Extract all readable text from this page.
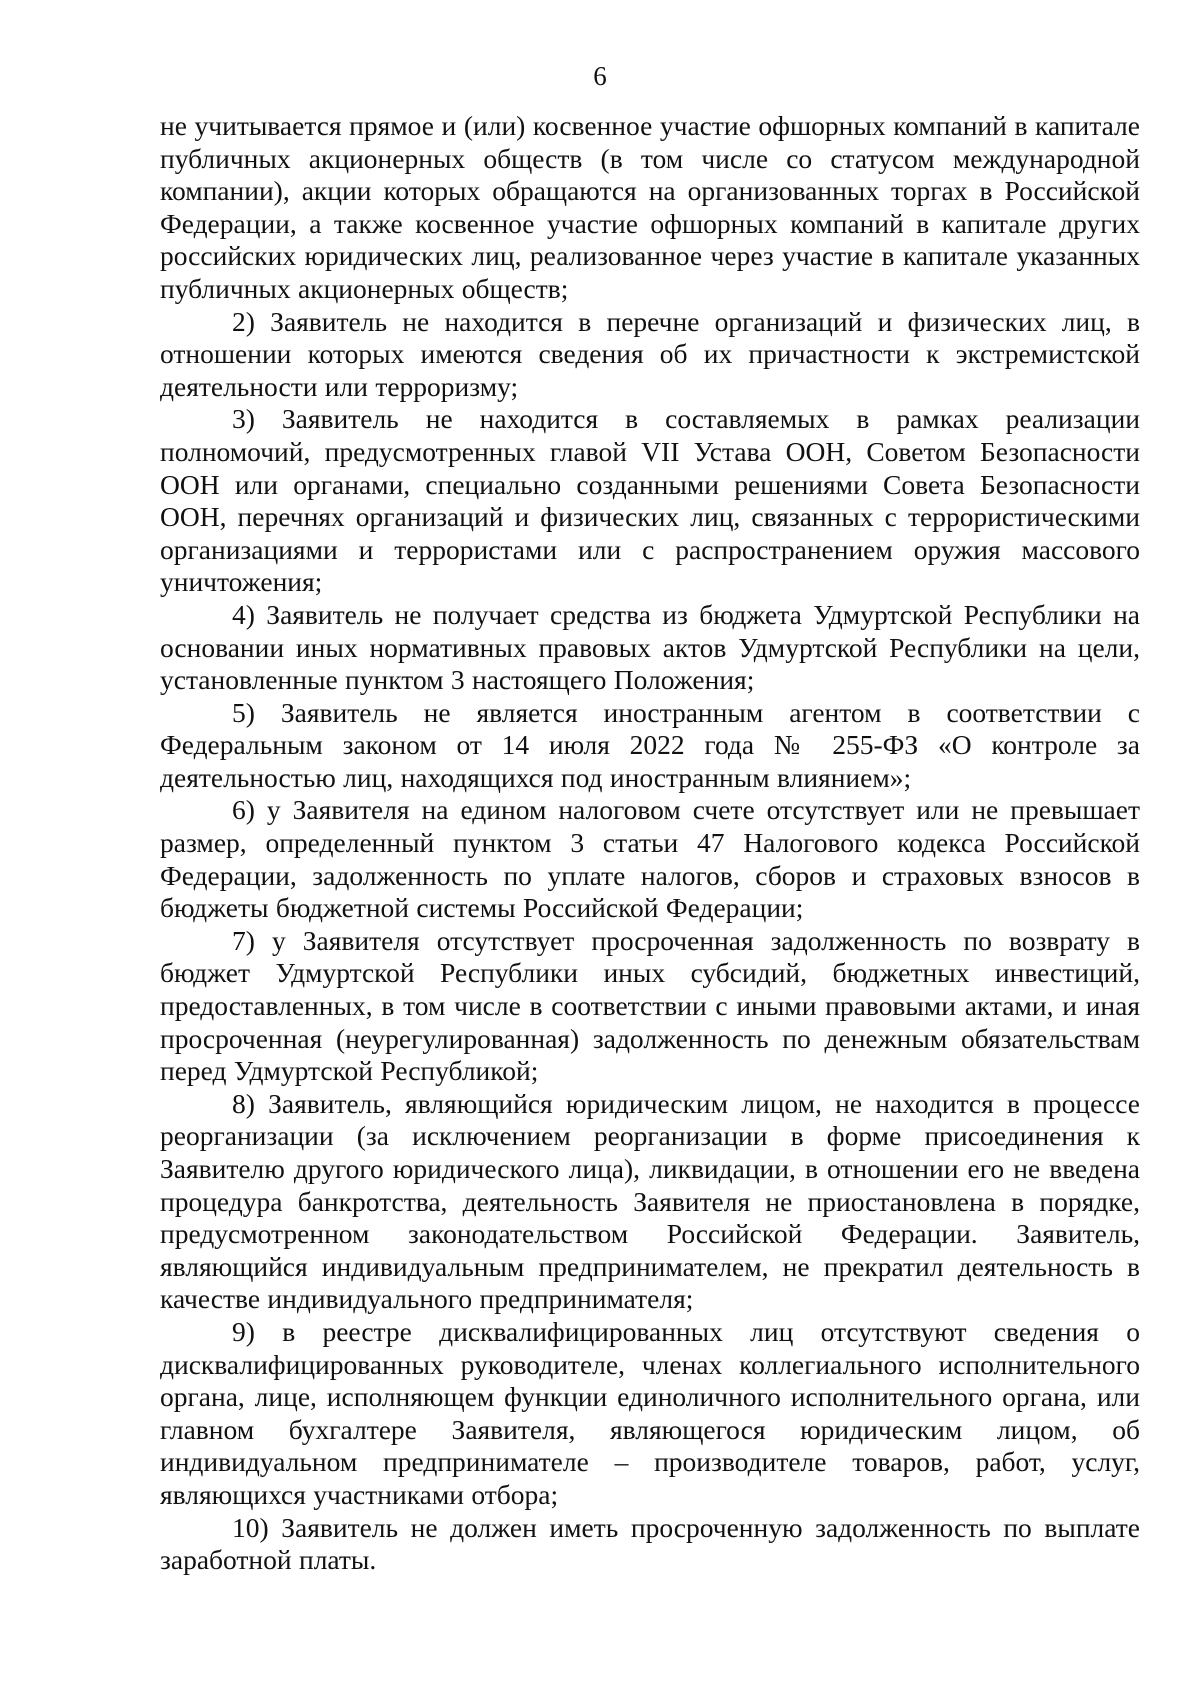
6

не учитывается прямое и (или) косвенное участие офшорных компаний в капитале публичных акционерных обществ (в том числе со статусом международной компании), акции которых обращаются на организованных торгах в Российской Федерации, а также косвенное участие офшорных компаний в капитале других российских юридических лиц, реализованное через участие в капитале указанных публичных акционерных обществ;

2) Заявитель не находится в перечне организаций и физических лиц, в отношении которых имеются сведения об их причастности к экстремистской деятельности или терроризму;

3) Заявитель не находится в составляемых в рамках реализации полномочий, предусмотренных главой VII Устава ООН, Советом Безопасности ООН или органами, специально созданными решениями Совета Безопасности ООН, перечнях организаций и физических лиц, связанных с террористическими организациями и террористами или с распространением оружия массового уничтожения;

4) Заявитель не получает средства из бюджета Удмуртской Республики на основании иных нормативных правовых актов Удмуртской Республики на цели, установленные пунктом 3 настоящего Положения;

5) Заявитель не является иностранным агентом в соответствии с Федеральным законом от 14 июля 2022 года № 255-ФЗ «О контроле за деятельностью лиц, находящихся под иностранным влиянием»;

6) у Заявителя на едином налоговом счете отсутствует или не превышает размер, определенный пунктом 3 статьи 47 Налогового кодекса Российской Федерации, задолженность по уплате налогов, сборов и страховых взносов в бюджеты бюджетной системы Российской Федерации;

7) у Заявителя отсутствует просроченная задолженность по возврату в бюджет Удмуртской Республики иных субсидий, бюджетных инвестиций, предоставленных, в том числе в соответствии с иными правовыми актами, и иная просроченная (неурегулированная) задолженность по денежным обязательствам перед Удмуртской Республикой;

8) Заявитель, являющийся юридическим лицом, не находится в процессе реорганизации (за исключением реорганизации в форме присоединения к Заявителю другого юридического лица), ликвидации, в отношении его не введена процедура банкротства, деятельность Заявителя не приостановлена в порядке, предусмотренном законодательством Российской Федерации. Заявитель, являющийся индивидуальным предпринимателем, не прекратил деятельность в качестве индивидуального предпринимателя;

9) в реестре дисквалифицированных лиц отсутствуют сведения о дисквалифицированных руководителе, членах коллегиального исполнительного органа, лице, исполняющем функции единоличного исполнительного органа, или главном бухгалтере Заявителя, являющегося юридическим лицом, об индивидуальном предпринимателе – производителе товаров, работ, услуг, являющихся участниками отбора;

10) Заявитель не должен иметь просроченную задолженность по выплате заработной платы.
